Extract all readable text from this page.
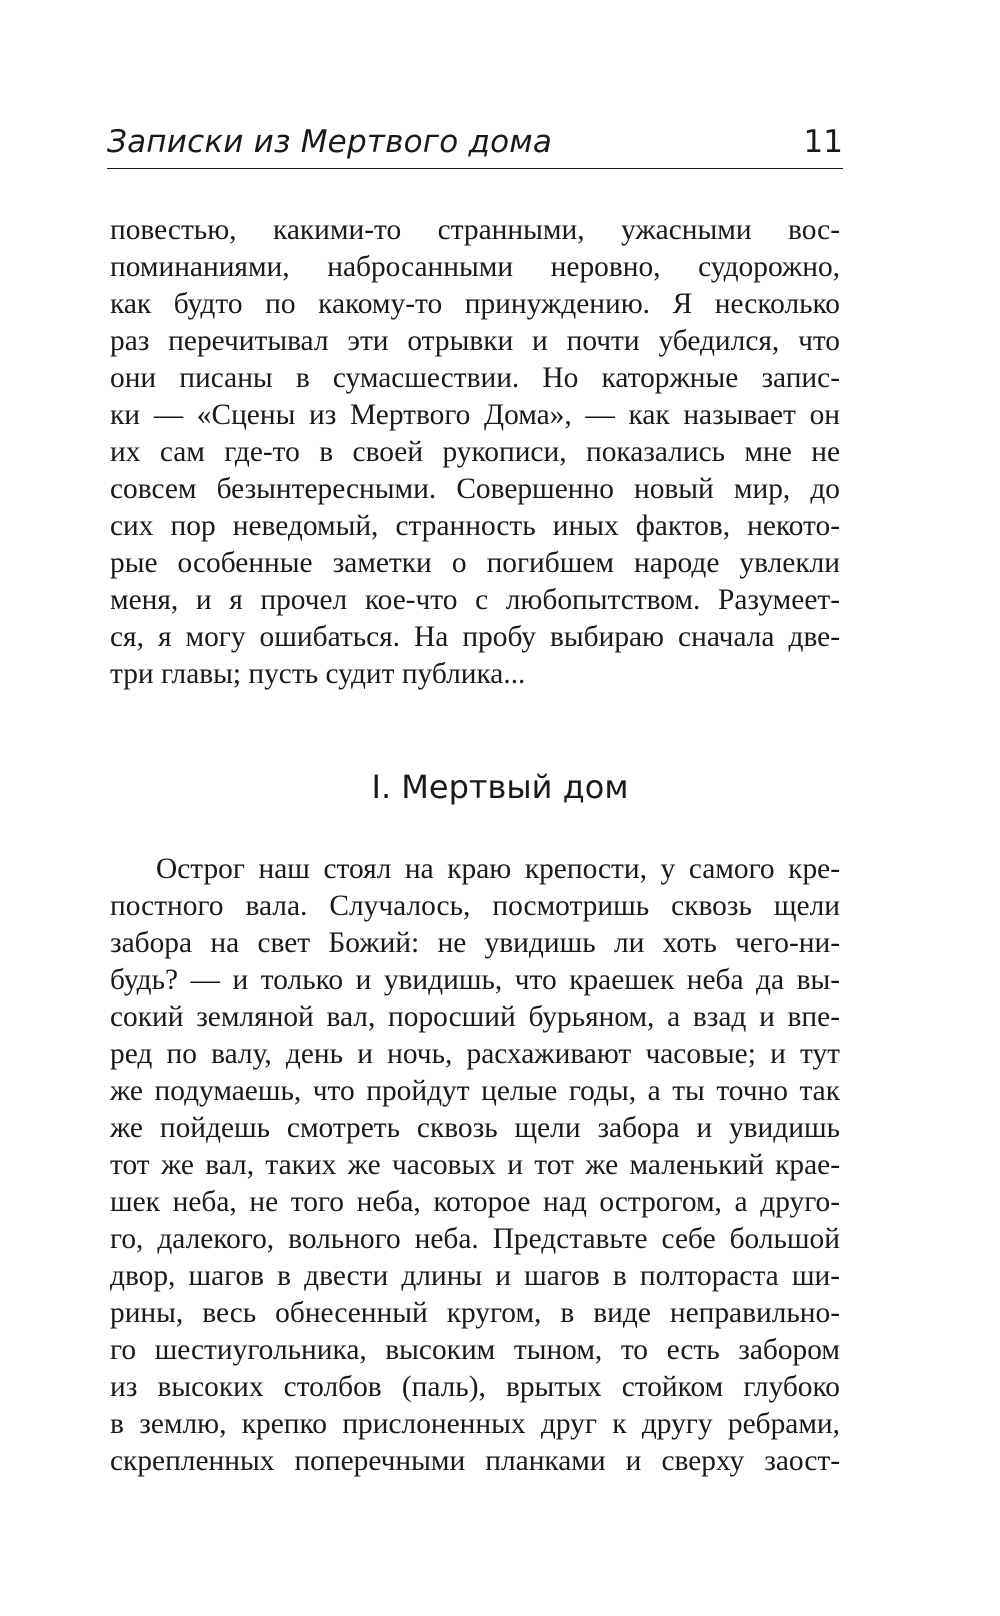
Записки из Мертвого дома	11
повестью, какими-то странными, ужасными вос-
поминаниями, набросанными неровно, судорожно,
как будто по какому-то принуждению. Я несколько
раз перечитывал эти отрывки и почти убедился, что
они писаны в сумасшествии. Но каторжные запис-
ки — «Сцены из Мертвого Дома», — как называет он
их сам где-то в своей рукописи, показались мне не
совсем безынтересными. Совершенно новый мир, до
сих пор неведомый, странность иных фактов, некото-
рые особенные заметки о погибшем народе увлекли
меня, и я прочел кое-что с любопытством. Разумеет-
ся, я могу ошибаться. На пробу выбираю сначала две-
три главы; пусть судит публика...
I. Мертвый дом
Острог наш стоял на краю крепости, у самого кре-
постного вала. Случалось, посмотришь сквозь щели
забора на свет Божий: не увидишь ли хоть чего-ни-
будь? — и только и увидишь, что краешек неба да вы-
сокий земляной вал, поросший бурьяном, а взад и впе-
ред по валу, день и ночь, расхаживают часовые; и тут
же подумаешь, что пройдут целые годы, а ты точно так
же пойдешь смотреть сквозь щели забора и увидишь
тот же вал, таких же часовых и тот же маленький крае-
шек неба, не того неба, которое над острогом, а друго-
го, далекого, вольного неба. Представьте себе большой
двор, шагов в двести длины и шагов в полтораста ши-
рины, весь обнесенный кругом, в виде неправильно-
го шестиугольника, высоким тыном, то есть забором
из высоких столбов (паль), врытых стойком глубоко
в землю, крепко прислоненных друг к другу ребрами,
скрепленных поперечными планками и сверху заост-
